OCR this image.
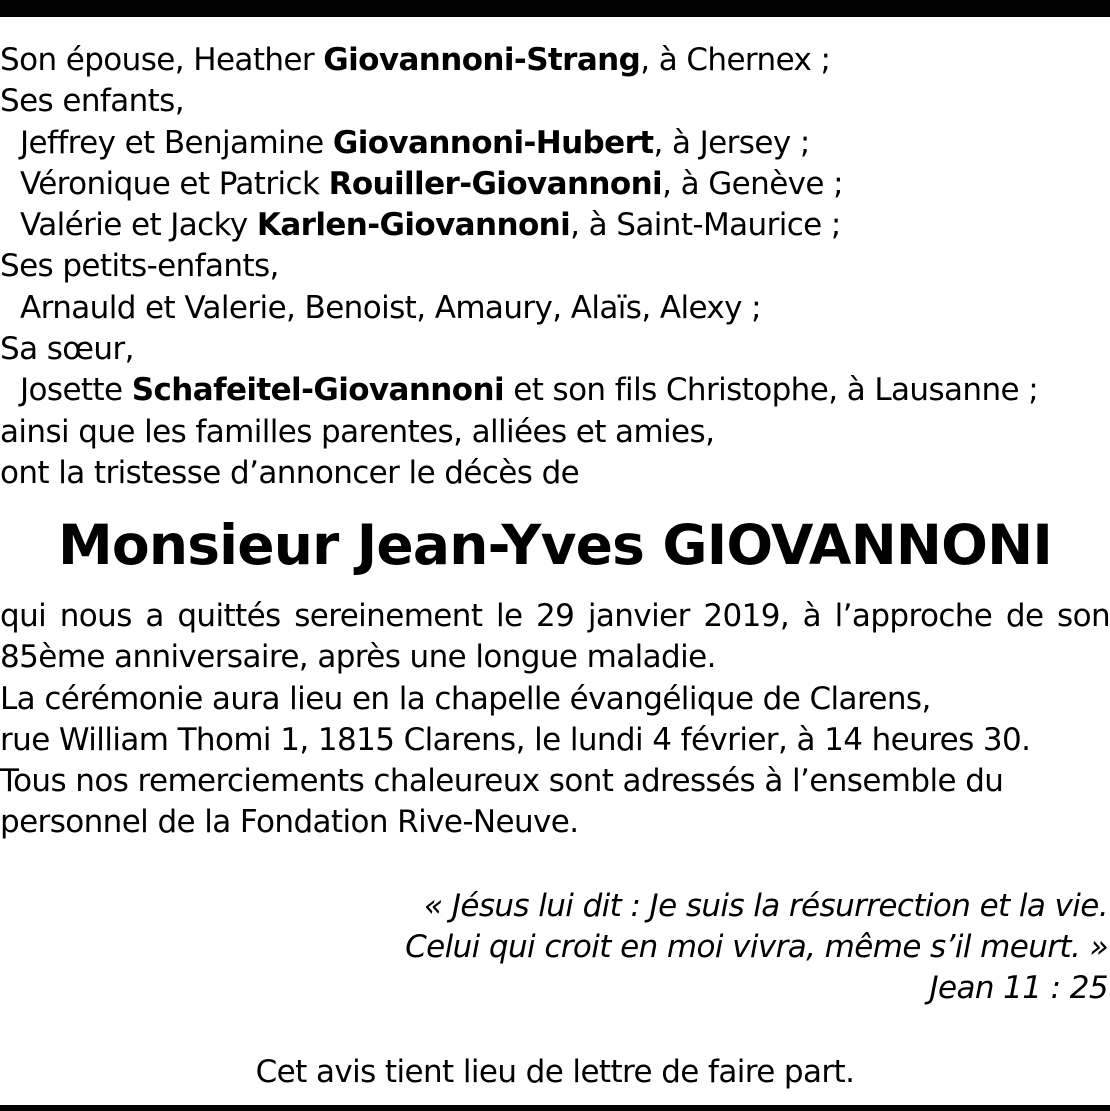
Son épouse, Heather Giovannoni-Strang, à Chernex ;
Ses enfants,
Jeffrey et Benjamine Giovannoni-Hubert, à Jersey ;
Véronique et Patrick Rouiller-Giovannoni, à Genève ;
Valérie et Jacky Karlen-Giovannoni, à Saint-Maurice ;
Ses petits-enfants,
Arnauld et Valerie, Benoist, Amaury, Alaïs, Alexy ;
Sa sœur,
Josette Schafeitel-Giovannoni et son fils Christophe, à Lausanne ;
ainsi que les familles parentes, alliées et amies,
ont la tristesse d’annoncer le décès de
Monsieur Jean-Yves GIOVANNONI
qui nous a quittés sereinement le 29 janvier 2019, à l’approche de son
85ème anniversaire, après une longue maladie.
La cérémonie aura lieu en la chapelle évangélique de Clarens,
rue William Thomi 1, 1815 Clarens, le lundi 4 février, à 14 heures 30.
Tous nos remerciements chaleureux sont adressés à l’ensemble du
personnel de la Fondation Rive-Neuve.
« Jésus lui dit : Je suis la résurrection et la vie.
Celui qui croit en moi vivra, même s’il meurt. »
Jean 11 : 25
Cet avis tient lieu de lettre de faire part.
